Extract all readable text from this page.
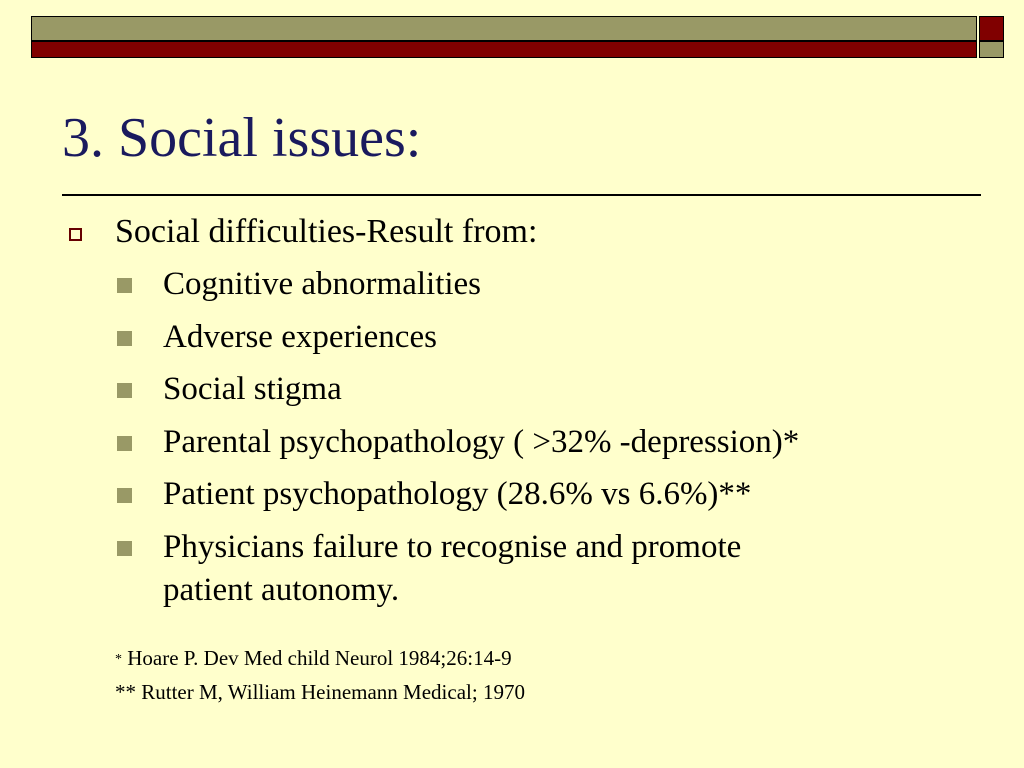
3. Social issues:
Social difficulties-Result from:
Cognitive abnormalities
Adverse experiences
Social stigma
Parental psychopathology ( >32% -depression)*
Patient psychopathology (28.6% vs 6.6%)**
Physicians failure to recognise and promote
patient autonomy.
* Hoare P. Dev Med child Neurol 1984;26:14-9
** Rutter M, William Heinemann Medical; 1970
